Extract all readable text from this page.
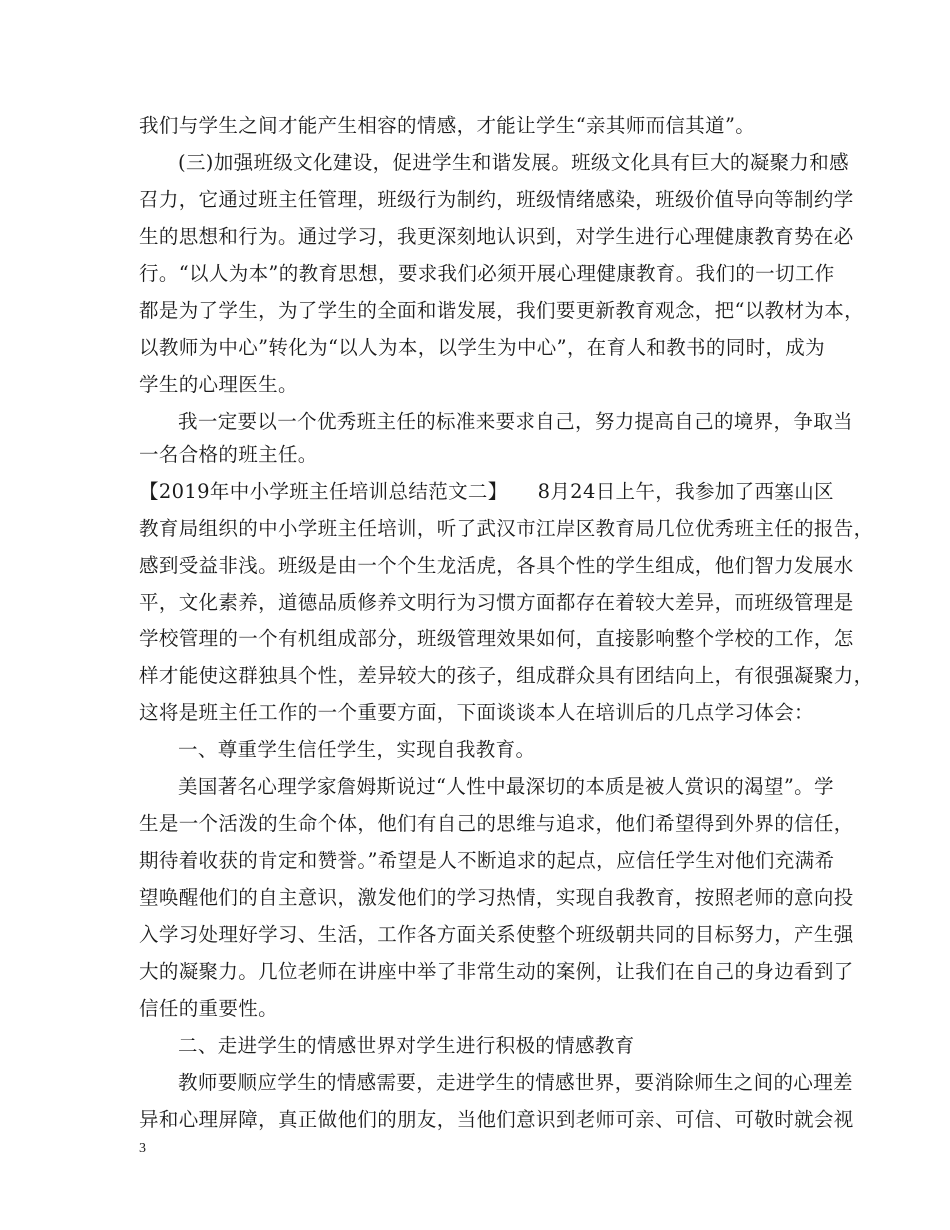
我们与学生之间才能产生相容的情感，才能让学生“亲其师而信其道”。
(三)加强班级文化建设，促进学生和谐发展。班级文化具有巨大的凝聚力和感
召力，它通过班主任管理，班级行为制约，班级情绪感染，班级价值导向等制约学
生的思想和行为。通过学习，我更深刻地认识到，对学生进行心理健康教育势在必
行。“以人为本”的教育思想，要求我们必须开展心理健康教育。我们的一切工作
都是为了学生，为了学生的全面和谐发展，我们要更新教育观念，把“以教材为本，
以教师为中心”转化为“以人为本，以学生为中心”，在育人和教书的同时，成为
学生的心理医生。
我一定要以一个优秀班主任的标准来要求自己，努力提高自己的境界，争取当
一名合格的班主任。
【2019年中小学班主任培训总结范文二】　　8月24日上午，我参加了西塞山区
教育局组织的中小学班主任培训，听了武汉市江岸区教育局几位优秀班主任的报告，
感到受益非浅。班级是由一个个生龙活虎，各具个性的学生组成，他们智力发展水
平，文化素养，道德品质修养文明行为习惯方面都存在着较大差异，而班级管理是
学校管理的一个有机组成部分，班级管理效果如何，直接影响整个学校的工作，怎
样才能使这群独具个性，差异较大的孩子，组成群众具有团结向上，有很强凝聚力，
这将是班主任工作的一个重要方面，下面谈谈本人在培训后的几点学习体会：
一、尊重学生信任学生，实现自我教育。
美国著名心理学家詹姆斯说过“人性中最深切的本质是被人赏识的渴望”。学
生是一个活泼的生命个体，他们有自己的思维与追求，他们希望得到外界的信任，
期待着收获的肯定和赞誉。”希望是人不断追求的起点，应信任学生对他们充满希
望唤醒他们的自主意识，激发他们的学习热情，实现自我教育，按照老师的意向投
入学习处理好学习、生活，工作各方面关系使整个班级朝共同的目标努力，产生强
大的凝聚力。几位老师在讲座中举了非常生动的案例，让我们在自己的身边看到了
信任的重要性。
二、走进学生的情感世界对学生进行积极的情感教育
教师要顺应学生的情感需要，走进学生的情感世界，要消除师生之间的心理差
异和心理屏障，真正做他们的朋友，当他们意识到老师可亲、可信、可敬时就会视
3
